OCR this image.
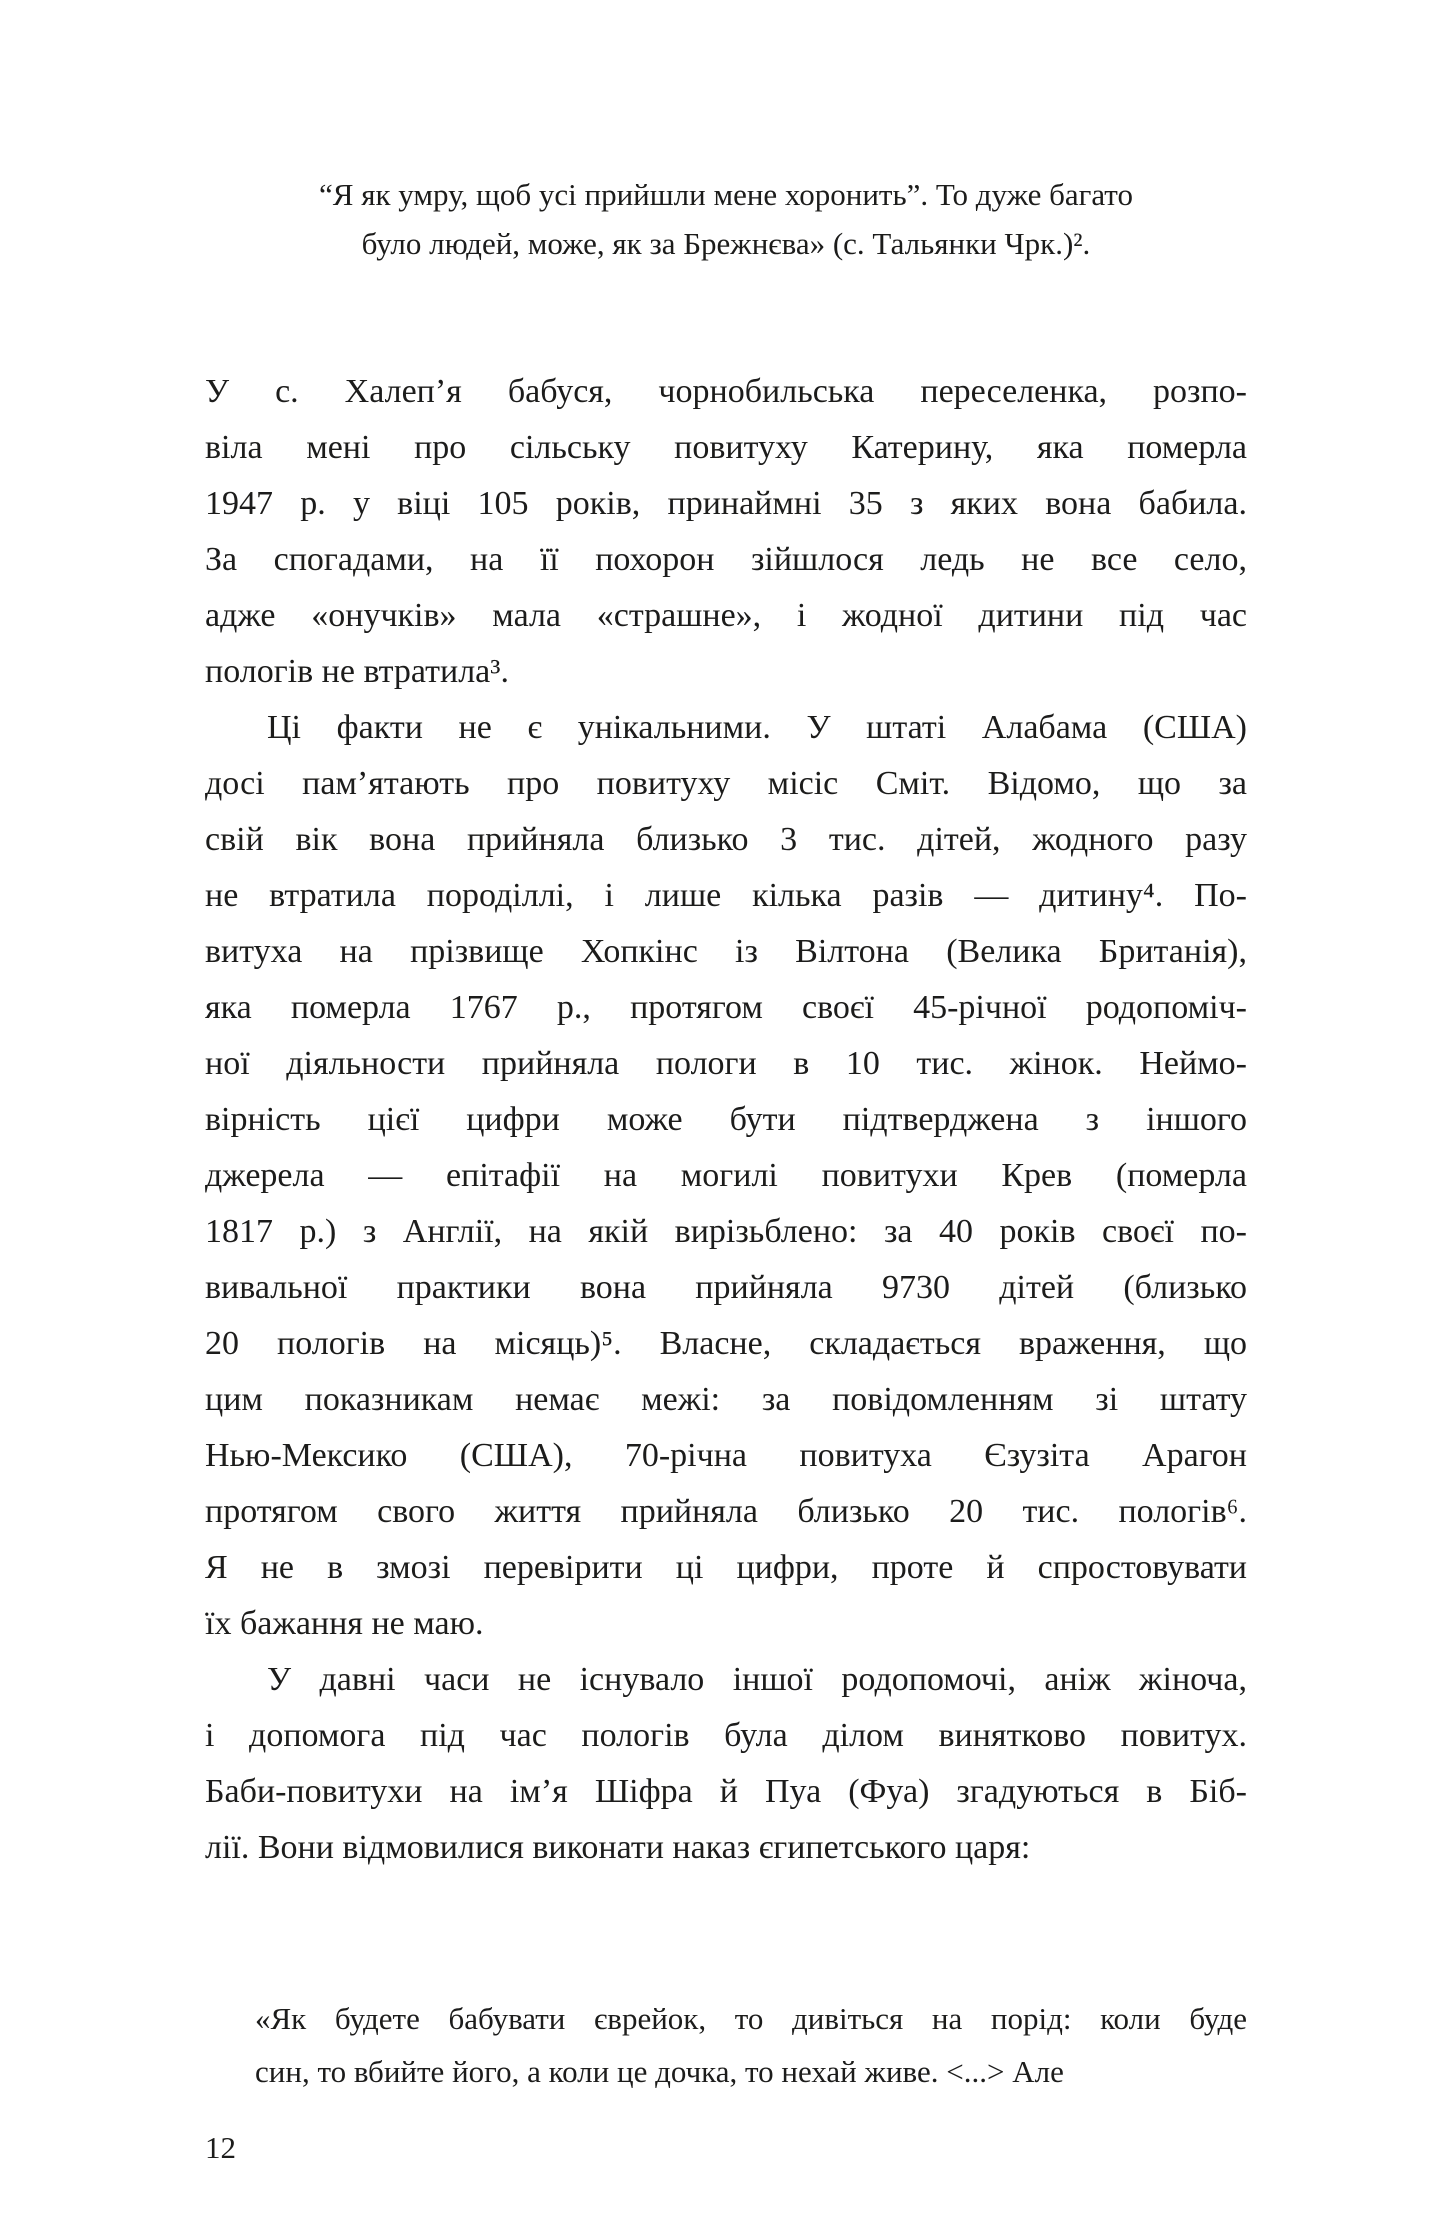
“Я як умру, щоб усі прийшли мене хоронить”. То дуже багато
було людей, може, як за Брежнєва» (с. Тальянки Чрк.)².
У с. Халеп’я бабуся, чорнобильська переселенка, розпо-
віла мені про сільську повитуху Катерину, яка померла
1947 р. у віці 105 років, принаймні 35 з яких вона бабила.
За спогадами, на її похорон зійшлося ледь не все село,
адже «онучків» мала «страшне», і жодної дитини під час
пологів не втратила³.
Ці факти не є унікальними. У штаті Алабама (США)
досі пам’ятають про повитуху місіс Сміт. Відомо, що за
свій вік вона прийняла близько 3 тис. дітей, жодного разу
не втратила породіллі, і лише кілька разів — дитину⁴. По-
витуха на прізвище Хопкінс із Вілтона (Велика Британія),
яка померла 1767 р., протягом своєї 45-річної родопоміч-
ної діяльности прийняла пологи в 10 тис. жінок. Неймо-
вірність цієї цифри може бути підтверджена з іншого
джерела — епітафії на могилі повитухи Крев (померла
1817 р.) з Англії, на якій вирізьблено: за 40 років своєї по-
вивальної практики вона прийняла 9730 дітей (близько
20 пологів на місяць)⁵. Власне, складається враження, що
цим показникам немає межі: за повідомленням зі штату
Нью-Мексико (США), 70-річна повитуха Єзузіта Арагон
протягом свого життя прийняла близько 20 тис. пологів⁶.
Я не в змозі перевірити ці цифри, проте й спростовувати
їх бажання не маю.
У давні часи не існувало іншої родопомочі, аніж жіноча,
і допомога під час пологів була ділом винятково повитух.
Баби-повитухи на ім’я Шіфра й Пуа (Фуа) згадуються в Біб-
лії. Вони відмовилися виконати наказ єгипетського царя:
«Як будете бабувати єврейок, то дивіться на порід: коли буде
син, то вбийте його, а коли це дочка, то нехай живе. <...> Але
12
